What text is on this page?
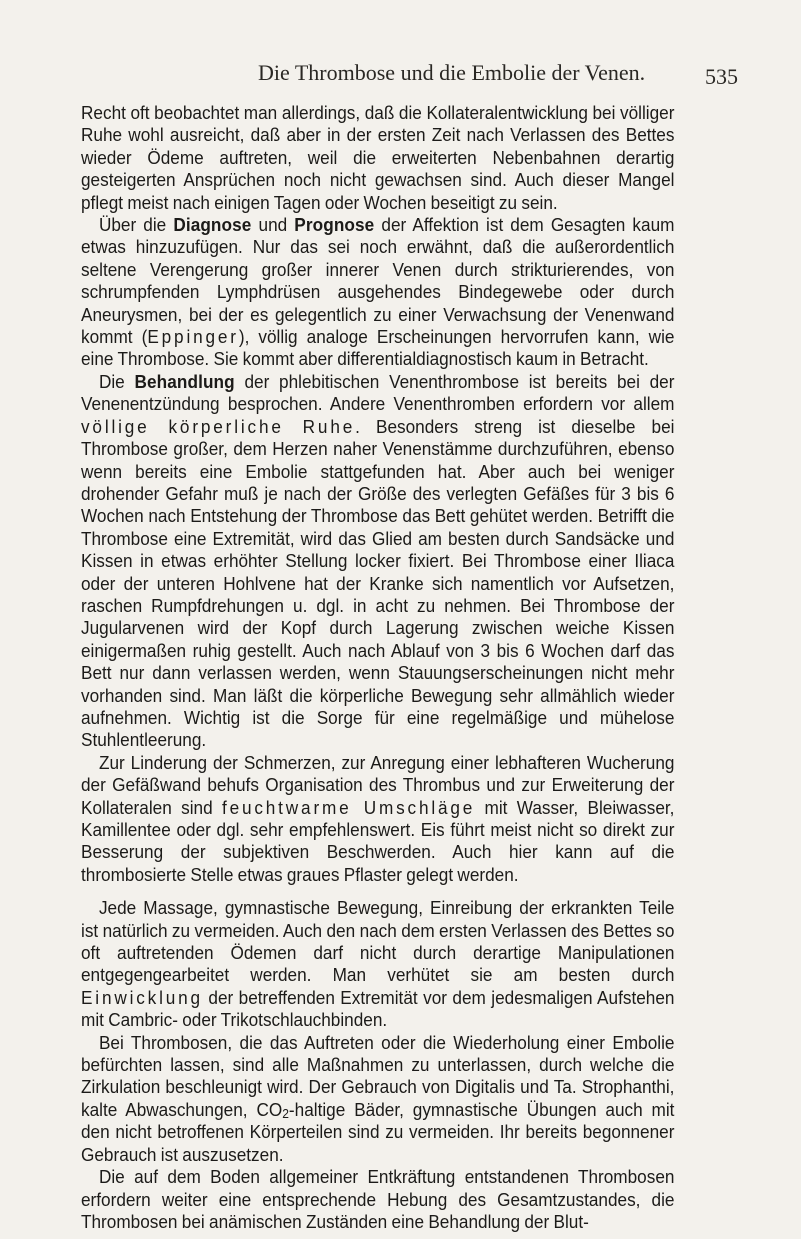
Die Thrombose und die Embolie der Venen.	535

Recht oft beobachtet man allerdings, daß die Kollateralentwicklung bei völliger Ruhe wohl ausreicht, daß aber in der ersten Zeit nach Verlassen des Bettes wieder Ödeme auftreten, weil die erweiterten Nebenbahnen derartig gesteigerten Ansprüchen noch nicht gewachsen sind. Auch dieser Mangel pflegt meist nach einigen Tagen oder Wochen beseitigt zu sein.

Über die Diagnose und Prognose der Affektion ist dem Gesagten kaum etwas hinzuzufügen. Nur das sei noch erwähnt, daß die außerordentlich seltene Verengerung großer innerer Venen durch strikturierendes, von schrumpfenden Lymphdrüsen ausgehendes Bindegewebe oder durch Aneurysmen, bei der es gelegentlich zu einer Verwachsung der Venenwand kommt (Eppinger), völlig analoge Erscheinungen hervorrufen kann, wie eine Thrombose. Sie kommt aber differentialdiagnostisch kaum in Betracht.

Die Behandlung der phlebitischen Venenthrombose ist bereits bei der Venenentzündung besprochen. Andere Venenthromben erfordern vor allem völlige körperliche Ruhe. Besonders streng ist dieselbe bei Thrombose großer, dem Herzen naher Venenstämme durchzuführen, ebenso wenn bereits eine Embolie stattgefunden hat. Aber auch bei weniger drohender Gefahr muß je nach der Größe des verlegten Gefäßes für 3 bis 6 Wochen nach Entstehung der Thrombose das Bett gehütet werden. Betrifft die Thrombose eine Extremität, wird das Glied am besten durch Sandsäcke und Kissen in etwas erhöhter Stellung locker fixiert. Bei Thrombose einer Iliaca oder der unteren Hohlvene hat der Kranke sich namentlich vor Aufsetzen, raschen Rumpfdrehungen u. dgl. in acht zu nehmen. Bei Thrombose der Jugularvenen wird der Kopf durch Lagerung zwischen weiche Kissen einigermaßen ruhig gestellt. Auch nach Ablauf von 3 bis 6 Wochen darf das Bett nur dann verlassen werden, wenn Stauungserscheinungen nicht mehr vorhanden sind. Man läßt die körperliche Bewegung sehr allmählich wieder aufnehmen. Wichtig ist die Sorge für eine regelmäßige und mühelose Stuhlentleerung.

Zur Linderung der Schmerzen, zur Anregung einer lebhafteren Wucherung der Gefäßwand behufs Organisation des Thrombus und zur Erweiterung der Kollateralen sind feuchtwarme Umschläge mit Wasser, Bleiwasser, Kamillentee oder dgl. sehr empfehlenswert. Eis führt meist nicht so direkt zur Besserung der subjektiven Beschwerden. Auch hier kann auf die thrombosierte Stelle etwas graues Pflaster gelegt werden.

Jede Massage, gymnastische Bewegung, Einreibung der erkrankten Teile ist natürlich zu vermeiden. Auch den nach dem ersten Verlassen des Bettes so oft auftretenden Ödemen darf nicht durch derartige Manipulationen entgegengearbeitet werden. Man verhütet sie am besten durch Einwicklung der betreffenden Extremität vor dem jedesmaligen Aufstehen mit Cambric- oder Trikotschlauchbinden.

Bei Thrombosen, die das Auftreten oder die Wiederholung einer Embolie befürchten lassen, sind alle Maßnahmen zu unterlassen, durch welche die Zirkulation beschleunigt wird. Der Gebrauch von Digitalis und Ta. Strophanthi, kalte Abwaschungen, $CO_2$-haltige Bäder, gymnastische Übungen auch mit den nicht betroffenen Körperteilen sind zu vermeiden. Ihr bereits begonnener Gebrauch ist auszusetzen.

Die auf dem Boden allgemeiner Entkräftung entstandenen Thrombosen erfordern weiter eine entsprechende Hebung des Gesamtzustandes, die Thrombosen bei anämischen Zuständen eine Behandlung der Blut-
